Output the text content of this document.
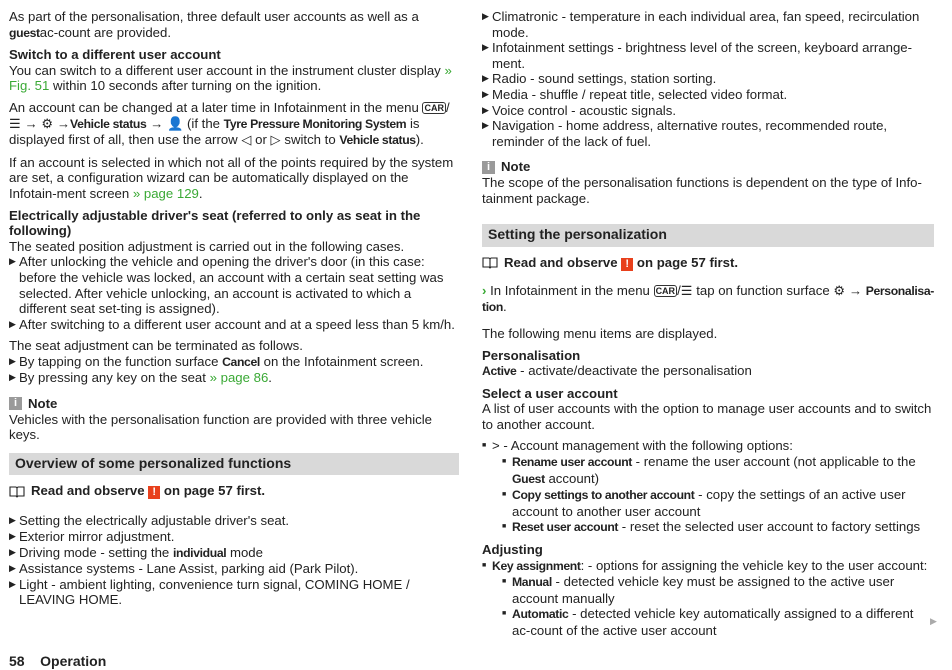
As part of the personalisation, three default user accounts as well as a guestac-count are provided.

Switch to a different user account

You can switch to a different user account in the instrument cluster display » Fig. 51 within 10 seconds after turning on the ignition.

An account can be changed at a later time in Infotainment in the menu CAR /☰ → ⚙ →Vehicle status → 👤 (if the Tyre Pressure Monitoring System is displayed first of all, then use the arrow ◁ or ▷ switch to Vehicle status).

If an account is selected in which not all of the points required by the system are set, a configuration wizard can be automatically displayed on the Infotain-ment screen » page 129.

Electrically adjustable driver's seat (referred to only as seat in the following)
The seated position adjustment is carried out in the following cases.
▶ After unlocking the vehicle and opening the driver's door (in this case: before the vehicle was locked, an account with a certain seat setting was selected. After vehicle unlocking, an account is activated to which a different seat set-ting is assigned).
▶ After switching to a different user account and at a speed less than 5 km/h.
The seat adjustment can be terminated as follows.
▶ By tapping on the function surface Cancel on the Infotainment screen.
▶ By pressing any key on the seat » page 86.
i Note

Vehicles with the personalisation function are provided with three vehicle keys.

Overview of some personalized functions
Read and observe ! on page 57 first.
▶ Setting the electrically adjustable driver's seat.
▶ Exterior mirror adjustment.
▶ Driving mode - setting the individual mode
▶ Assistance systems - Lane Assist, parking aid (Park Pilot).
▶ Light - ambient lighting, convenience turn signal, COMING HOME / LEAVING HOME.
▶ Climatronic - temperature in each individual area, fan speed, recirculation mode.
▶ Infotainment settings - brightness level of the screen, keyboard arrange-ment.
▶ Radio - sound settings, station sorting.
▶ Media - shuffle / repeat title, selected video format.
▶ Voice control - acoustic signals.
▶ Navigation - home address, alternative routes, recommended route, reminder of the lack of fuel.
i Note

The scope of the personalisation functions is dependent on the type of Info-tainment package.

Setting the personalization
Read and observe ! on page 57 first.

› In Infotainment in the menu CAR /☰ tap on function surface ⚙ → Personalisa-tion.

The following menu items are displayed.

Personalisation

Active - activate/deactivate the personalisation

Select a user account

A list of user accounts with the option to manage user accounts and to switch to another account.

■ > - Account management with the following options:
■ Rename user account - rename the user account (not applicable to the Guest account)
■ Copy settings to another account - copy the settings of an active user account to another user account
■ Reset user account - reset the selected user account to factory settings
Adjusting
■ Key assignment: - options for assigning the vehicle key to the user account:
■ Manual - detected vehicle key must be assigned to the active user account manually
■ Automatic - detected vehicle key automatically assigned to a different ac-count of the active user account
▶
58 Operation
